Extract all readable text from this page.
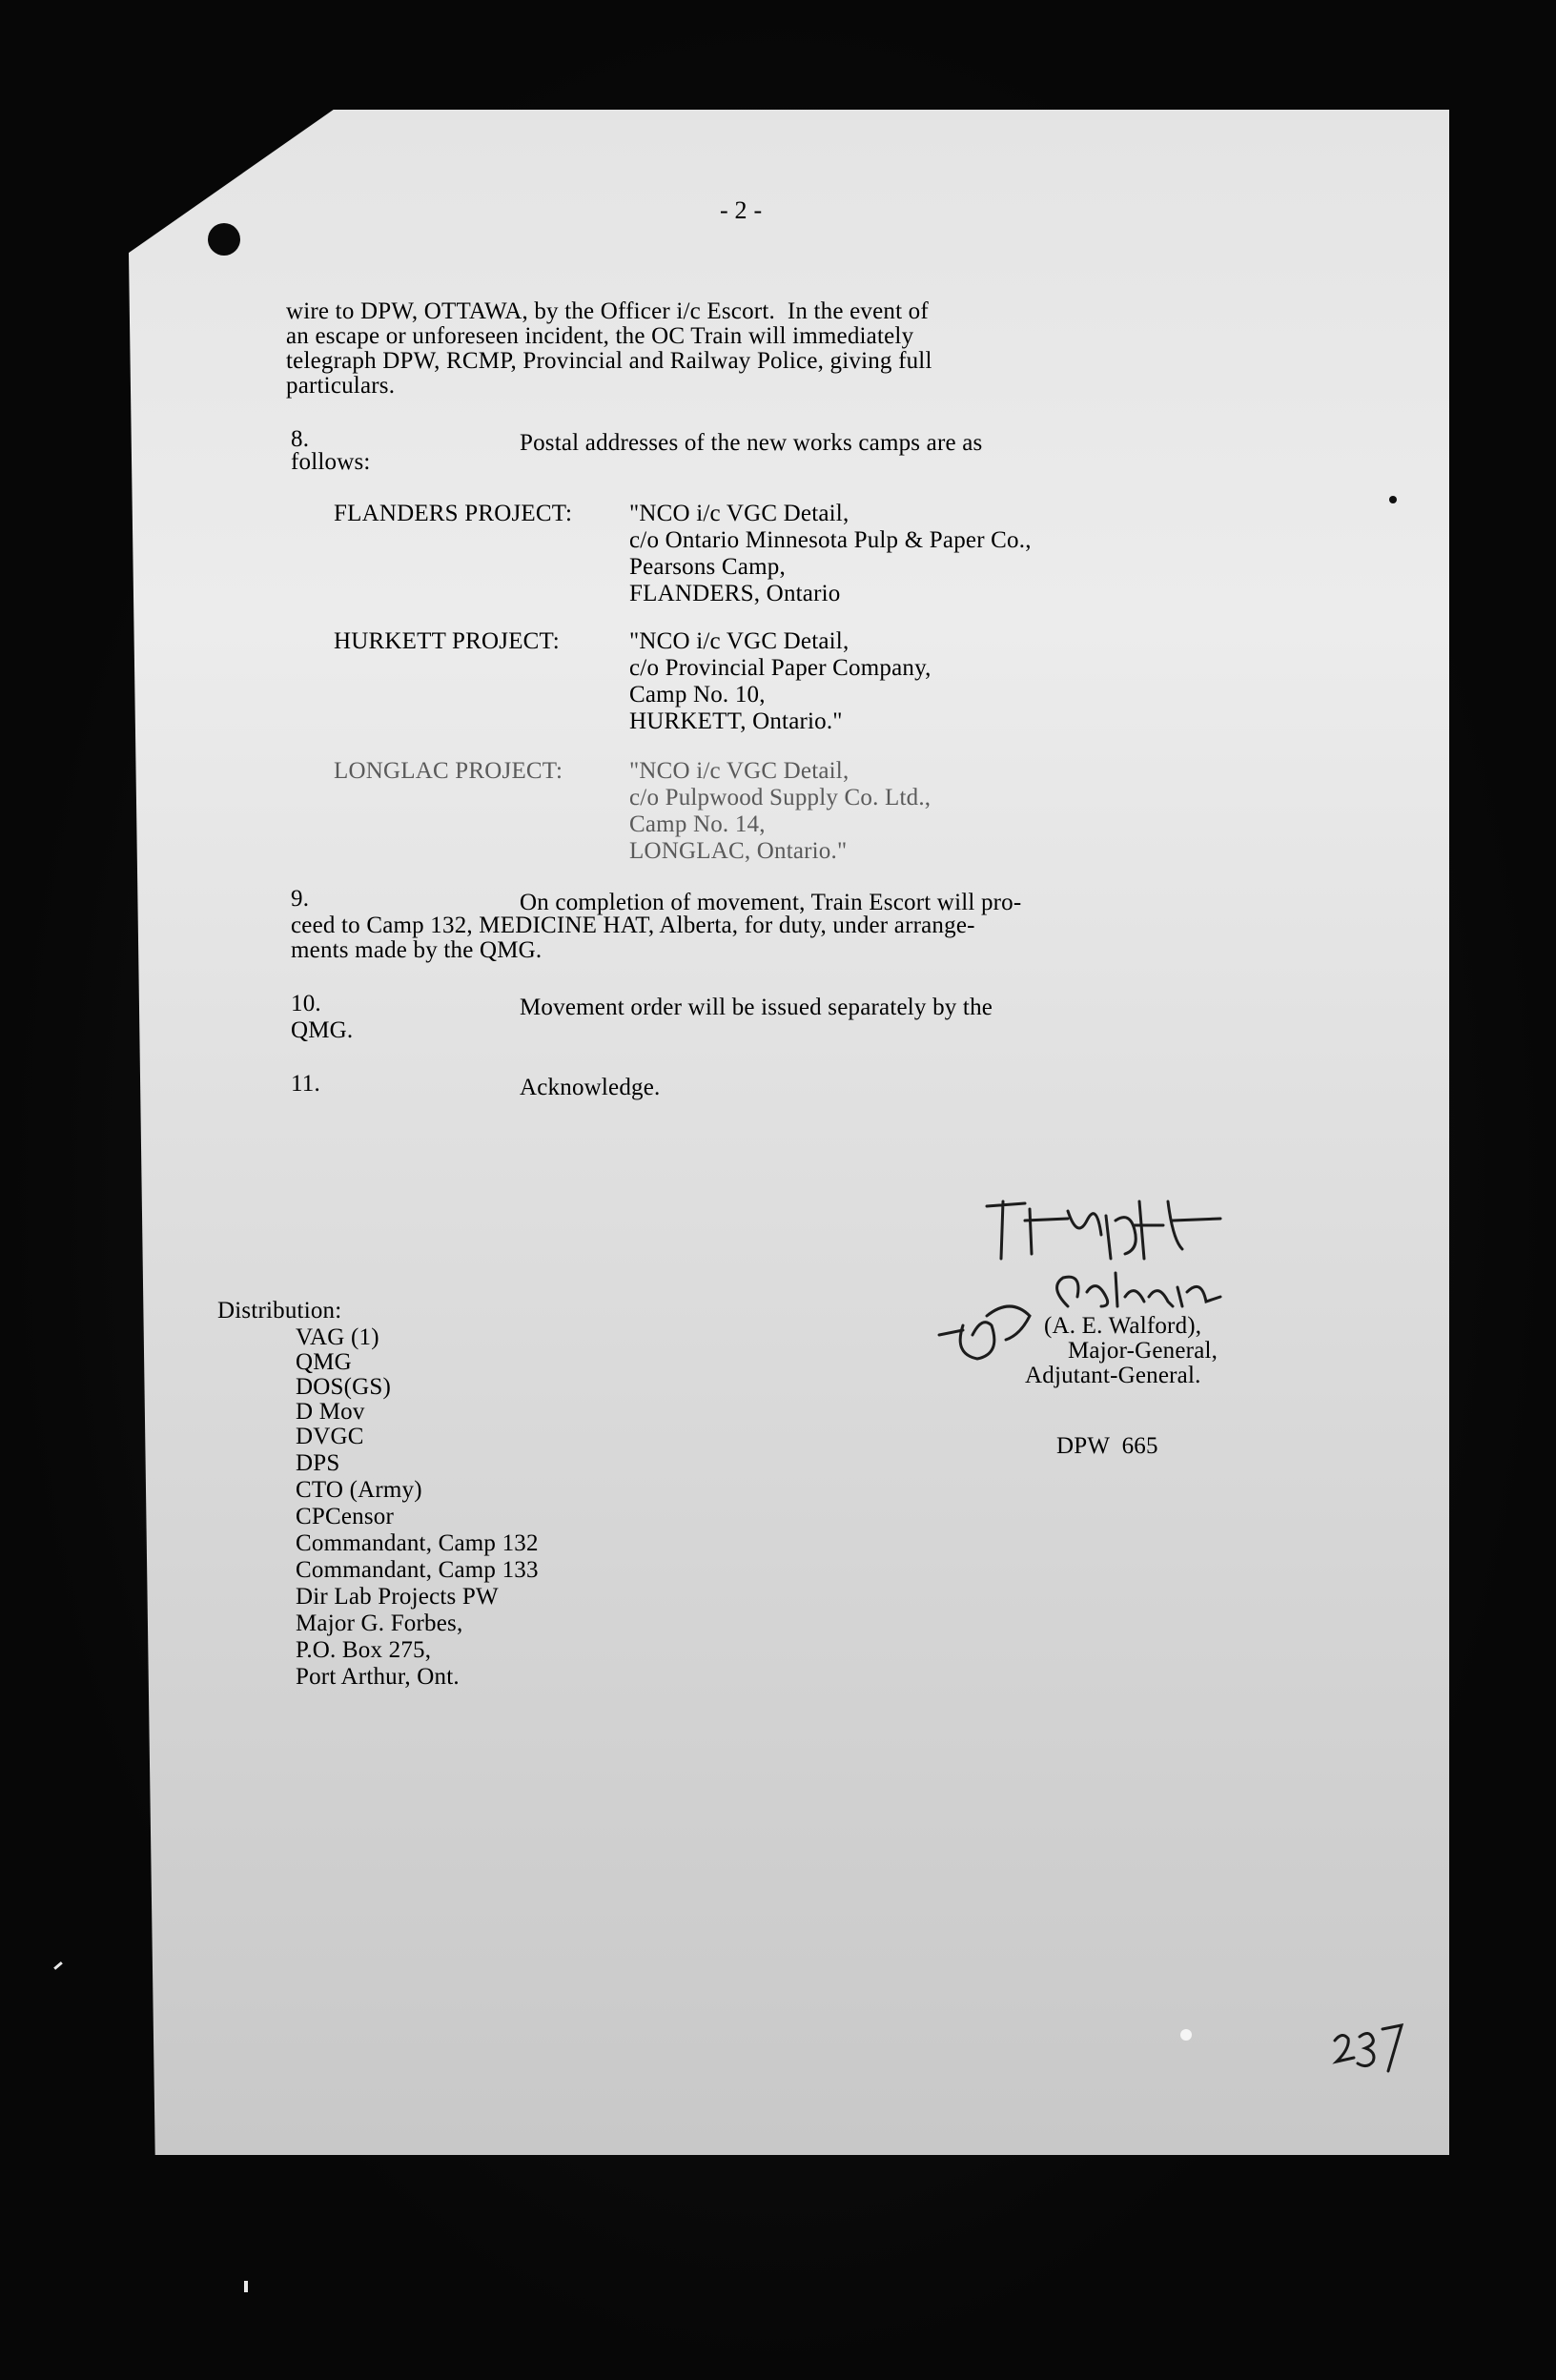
- 2 -
wire to DPW, OTTAWA, by the Officer i/c Escort.  In the event of
an escape or unforeseen incident, the OC Train will immediately
telegraph DPW, RCMP, Provincial and Railway Police, giving full
particulars.
8.	Postal addresses of the new works camps are as
follows:
FLANDERS PROJECT: "NCO i/c VGC Detail,
c/o Ontario Minnesota Pulp & Paper Co.,
Pearsons Camp,
FLANDERS, Ontario
HURKETT PROJECT:	"NCO i/c VGC Detail,
c/o Provincial Paper Company,
Camp No. 10,
HURKETT, Ontario."
LONGLAC PROJECT:	"NCO i/c VGC Detail,
c/o Pulpwood Supply Co. Ltd.,
Camp No. 14,
LONGLAC, Ontario."
9.	On completion of movement, Train Escort will pro-
ceed to Camp 132, MEDICINE HAT, Alberta, for duty, under arrange-
ments made by the QMG.
10.	Movement order will be issued separately by the
QMG.
11.	Acknowledge.
(A. E. Walford),
Major-General,
Adjutant-General.
DPW  665
Distribution:
VAG (1)
QMG
DOS(GS)
D Mov
DVGC
DPS
CTO (Army)
CPCensor
Commandant, Camp 132
Commandant, Camp 133
Dir Lab Projects PW
Major G. Forbes,
P.O. Box 275,
Port Arthur, Ont.
